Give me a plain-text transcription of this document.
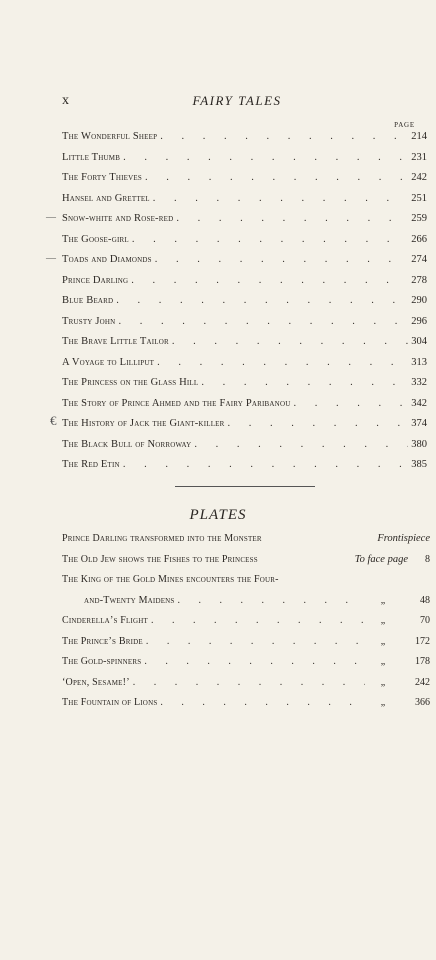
x	FAIRY TALES
PAGE
The Wonderful Sheep . . .	214
Little Thumb . . .	231
The Forty Thieves . . .	242
Hansel and Grettel . . .	251
Snow-white and Rose-red . . .	259
The Goose-girl . . .	266
Toads and Diamonds . . .	274
Prince Darling . . .	278
Blue Beard . . .	290
Trusty John . . .	296
The Brave Little Tailor . . .	304
A Voyage to Lilliput . . .	313
The Princess on the Glass Hill . . .	332
The Story of Prince Ahmed and the Fairy Paribanou . . .	342
The History of Jack the Giant-killer . . .	374
The Black Bull of Norroway . . .	380
The Red Etin . . .	385
PLATES
Prince Darling transformed into the Monster	Frontispiece
The Old Jew shows the Fishes to the Princess	To face page	8
The King of the Gold Mines encounters the Four-
and-Twenty Maidens . . .	„	48
Cinderella’s Flight . . .	„	70
The Prince’s Bride . . .	„	172
The Gold-spinners . . .	„	178
‘Open, Sesame!’ . . .	„	242
The Fountain of Lions . . .	„	366
—
—
€
